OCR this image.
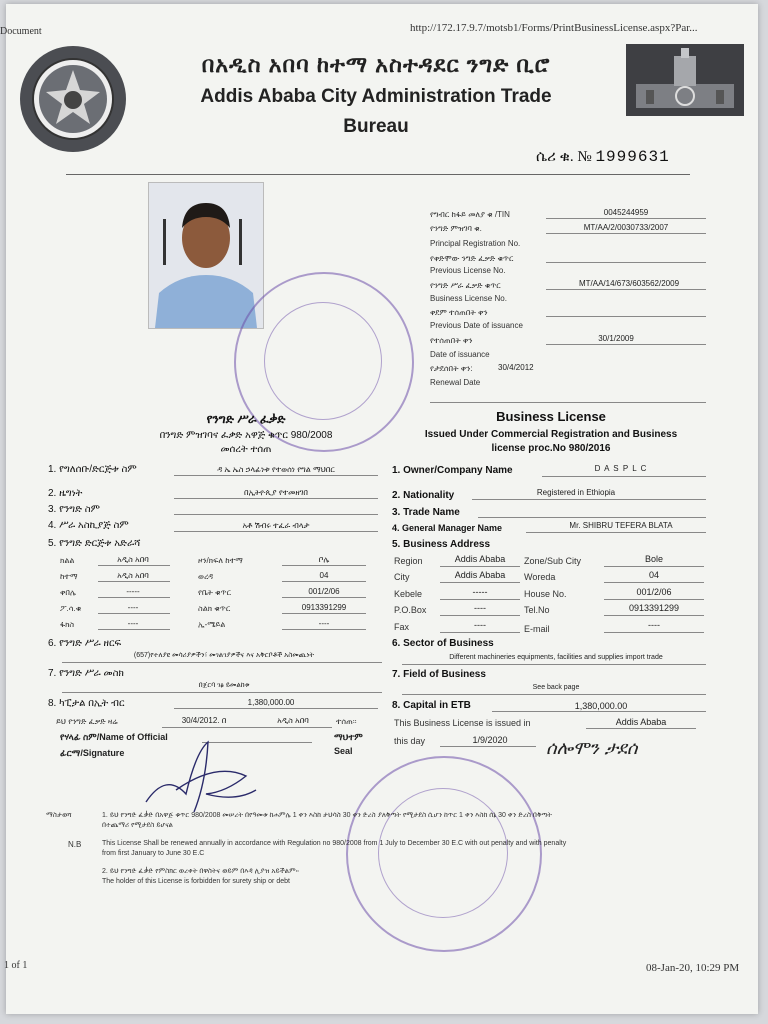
Document	http://172.17.9.7/motsb1/Forms/PrintBusinessLicense.aspx?Par...
በአዲስ አበባ ከተማ አስተዳደር ንግድ ቢሮ
Addis Ababa City Administration Trade
Bureau
ሴሪ ቁ. № 1999631
የግብር ከፋይ መለያ ቁ /TIN	0045244959
የንግድ ምዝገባ ቁ.	MT/AA/2/0030733/2007
Principal Registration No.
የቀድሞው ንግድ ፈቃድ ቁጥር
Previous License No.
የንግድ ሥራ ፈቃድ ቁጥር	MT/AA/14/673/603562/2009
Business License No.
ቀደም ተሰጠበት ቀን
Previous Date of issuance
የተሰጠበት ቀን	30/1/2009
Date of issuance
የታደሰበት ቀን:	30/4/2012
Renewal Date
የንግድ ሥራ ፈቃድ
በንግድ ምዝገባና ፈቃድ አዋጅ ቁጥር 980/2008
መሰረት ተሰጠ
Business License
Issued Under Commercial Registration and Business
license proc.No 980/2016
1. የግለሰቡ/ድርጅቱ ስም	ዳ ኤ ኤስ ኃላፊነቱ የተወሰነ የግል ማህበር
2. ዜግነት	በኢትዮጲያ የተመዘገበ
3. የንግድ ስም
4. ሥራ አስኪያጅ ስም	አቶ ሽብሩ ተፈራ ብላታ
5. የንግድ ድርጅቱ አድራሻ
ክልል	አዲስ አበባ	ዞን/ክፍለ ከተማ	ቦሌ
ከተማ	አዲስ አበባ	ወረዳ	04
ቀበሌ	-----	የቤት ቁጥር	001/2/06
ፖ.ሳ.ቁ	----	ስልክ ቁጥር	0913391299
ፋክስ	----	ኢ-ሜይል	----
6. የንግድ ሥራ ዘርፍ
(657)የተለያዩ መሳሪያዎችን፣ መገልገያዎችና እና አቅርቦቶች አስመጪነት
7. የንግድ ሥራ መስክ
በጀርባ ገፅ ይመልከቱ
8. ካፒታል በኢት ብር	1,380,000.00
ይህ የንግድ ፈቃድ ዛሬ	30/4/2012. በ	አዲስ አበባ	ተሰጠ፡፡
የሃላፊ ስም/Name of Official
ፊርማ/Signature
ማህተም
Seal
1. Owner/Company Name	D A S P L C
2. Nationality	Registered in Ethiopia
3. Trade Name
4. General Manager Name	Mr. SHIBRU TEFERA BLATA
5. Business Address
Region	Addis Ababa	Zone/Sub City	Bole
City	Addis Ababa	Woreda	04
Kebele	-----	House No.	001/2/06
P.O.Box	----	Tel.No	0913391299
Fax	----	E-mail	----
6. Sector of Business
Different machineries equipments, facilities and supplies import trade
7. Field of Business
See back page
8. Capital in ETB	1,380,000.00
This Business License is issued in	Addis Ababa
this day	1/9/2020	ሰሎሞን ታደሰ
ማስታወሻ	1. ይህ የንግድ ፈቃድ በአዋጅ ቁጥር 980/2008 መሠረት በየዓመቱ ከሐምሌ 1 ቀን እስከ ታህሳስ 30 ቀን ድረስ ያለቅጣት የሚታደስ ሲሆን ከጥር 1 ቀን እስከ ሰኔ 30 ቀን ድረስ በቅጣት
በተጨማሪ የሚታደስ ይሆናል
N.B	This License Shall be renewed annually in accordance with Regulation no 980/2008 from 1 July to December 30 E.C with out penalty and with penalty
from first January to June 30 E.C
2. ይህ የንግድ ፈቃድ የምስክር ወረቀት በዋስትና ወይም በእዳ ሊያዝ አይችልም፡፡
The holder of this License is forbidden for surety ship or debt
1 of 1	08-Jan-20, 10:29 PM
